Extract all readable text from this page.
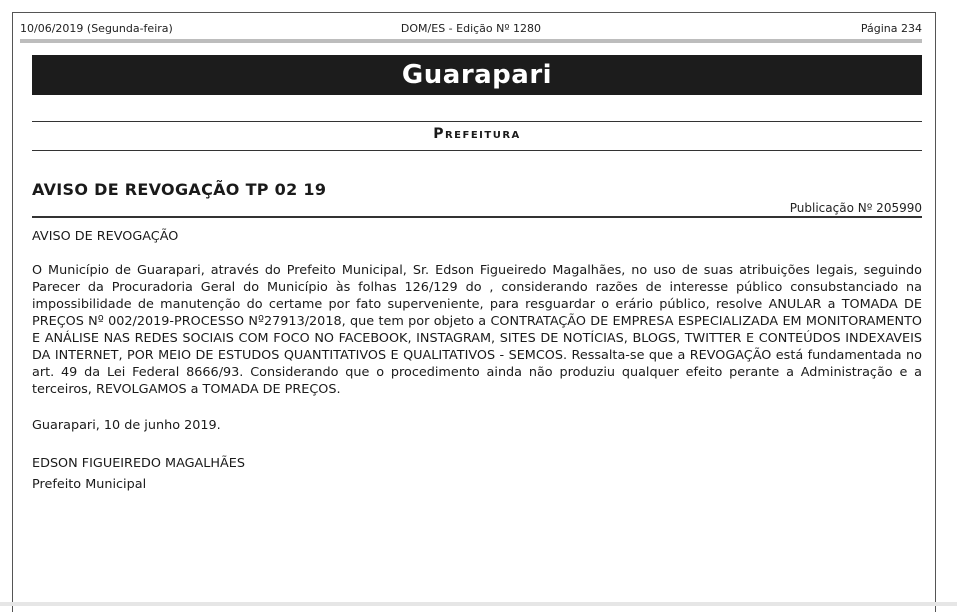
10/06/2019 (Segunda-feira)	DOM/ES - Edição Nº 1280	Página 234
Guarapari
Prefeitura
AVISO DE REVOGAÇÃO TP 02 19
Publicação Nº 205990

AVISO DE REVOGAÇÃO

O Município de Guarapari, através do Prefeito Municipal, Sr. Edson Figueiredo Magalhães, no uso de suas atribuições legais, seguindo Parecer da Procuradoria Geral do Município às folhas 126/129 do , considerando razões de interesse público consubstanciado na impossibilidade de manutenção do certame por fato superveniente, para resguardar o erário público, resolve ANULAR a TOMADA DE PREÇOS Nº 002/2019-PROCESSO Nº27913/2018, que tem por objeto a CONTRATAÇÃO DE EMPRESA ESPECIALIZADA EM MONITORAMENTO E ANÁLISE NAS REDES SOCIAIS COM FOCO NO FACEBOOK, INSTAGRAM, SITES DE NOTÍCIAS, BLOGS, TWITTER E CONTEÚDOS INDEXAVEIS DA INTERNET, POR MEIO DE ESTUDOS QUANTITATIVOS E QUALITATIVOS - SEMCOS. Ressalta-se que a REVOGAÇÃO está fundamentada no art. 49 da Lei Federal 8666/93. Considerando que o procedimento ainda não produziu qualquer efeito perante a Administração e a terceiros, REVOLGAMOS a TOMADA DE PREÇOS.

Guarapari, 10 de junho 2019.

EDSON FIGUEIREDO MAGALHÃES

Prefeito Municipal
